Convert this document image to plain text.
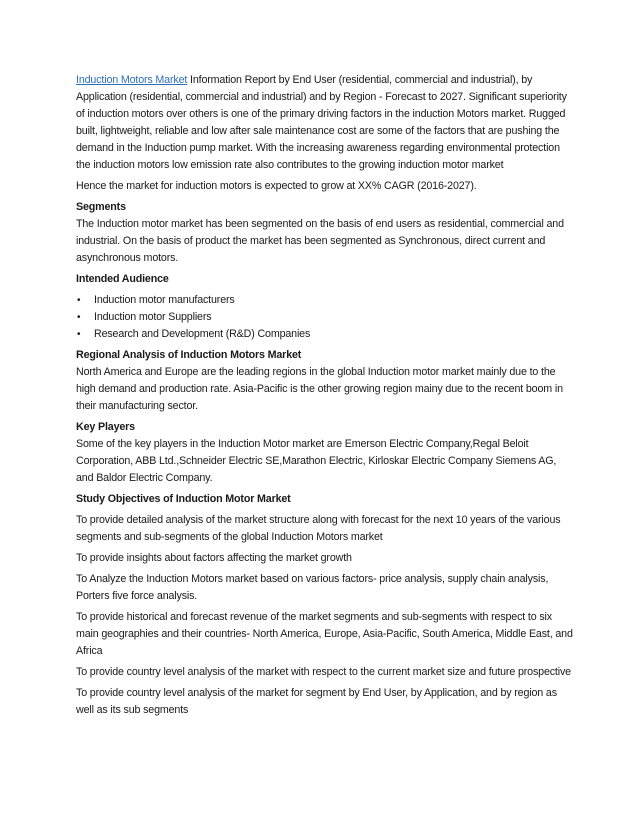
Induction Motors Market Information Report by End User (residential, commercial and industrial), by Application (residential, commercial and industrial) and by Region - Forecast to 2027. Significant superiority of induction motors over others is one of the primary driving factors in the induction Motors market. Rugged built, lightweight, reliable and low after sale maintenance cost are some of the factors that are pushing the demand in the Induction pump market. With the increasing awareness regarding environmental protection the induction motors low emission rate also contributes to the growing induction motor market

Hence the market for induction motors is expected to grow at XX% CAGR (2016-2027).

Segments

The Induction motor market has been segmented on the basis of end users as residential, commercial and industrial. On the basis of product the market has been segmented as Synchronous, direct current and asynchronous motors.

Intended Audience

• Induction motor manufacturers
• Induction motor Suppliers
• Research and Development (R&D) Companies

Regional Analysis of Induction Motors Market

North America and Europe are the leading regions in the global Induction motor market mainly due to the high demand and production rate. Asia-Pacific is the other growing region mainy due to the recent boom in their manufacturing sector.

Key Players

Some of the key players in the Induction Motor market are Emerson Electric Company,Regal Beloit Corporation, ABB Ltd.,Schneider Electric SE,Marathon Electric, Kirloskar Electric Company Siemens AG, and Baldor Electric Company.

Study Objectives of Induction Motor Market

To provide detailed analysis of the market structure along with forecast for the next 10 years of the various segments and sub-segments of the global Induction Motors market

To provide insights about factors affecting the market growth

To Analyze the Induction Motors market based on various factors- price analysis, supply chain analysis, Porters five force analysis.

To provide historical and forecast revenue of the market segments and sub-segments with respect to six main geographies and their countries- North America, Europe, Asia-Pacific, South America, Middle East, and Africa

To provide country level analysis of the market with respect to the current market size and future prospective

To provide country level analysis of the market for segment by End User, by Application, and by region as well as its sub segments
